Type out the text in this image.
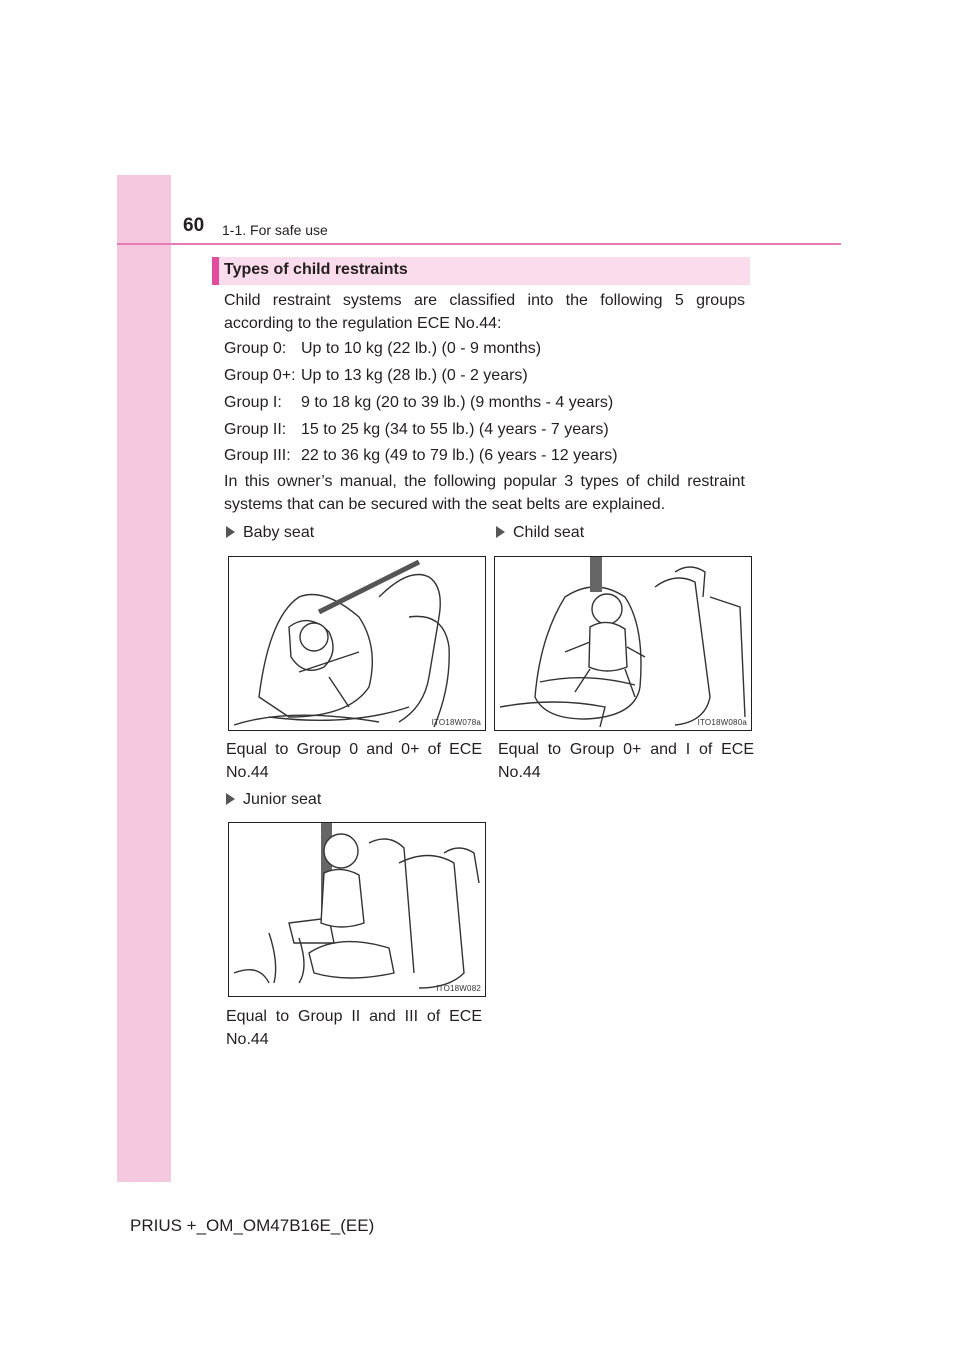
60 1-1. For safe use
Types of child restraints
Child restraint systems are classified into the following 5 groups
according to the regulation ECE No.44:
Group 0: Up to 10 kg (22 lb.) (0 - 9 months)
Group 0+: Up to 13 kg (28 lb.) (0 - 2 years)
Group I: 9 to 18 kg (20 to 39 lb.) (9 months - 4 years)
Group II: 15 to 25 kg (34 to 55 lb.) (4 years - 7 years)
Group III: 22 to 36 kg (49 to 79 lb.) (6 years - 12 years)
In this owner’s manual, the following popular 3 types of child restraint
systems that can be secured with the seat belts are explained.
Baby seat
ITO18W078a
Equal to Group 0 and 0+ of ECE
No.44
Child seat
ITO18W080a
Equal to Group 0+ and I of ECE
No.44
Junior seat
ITO18W082
Equal to Group II and III of ECE
No.44
PRIUS +_OM_OM47B16E_(EE)
